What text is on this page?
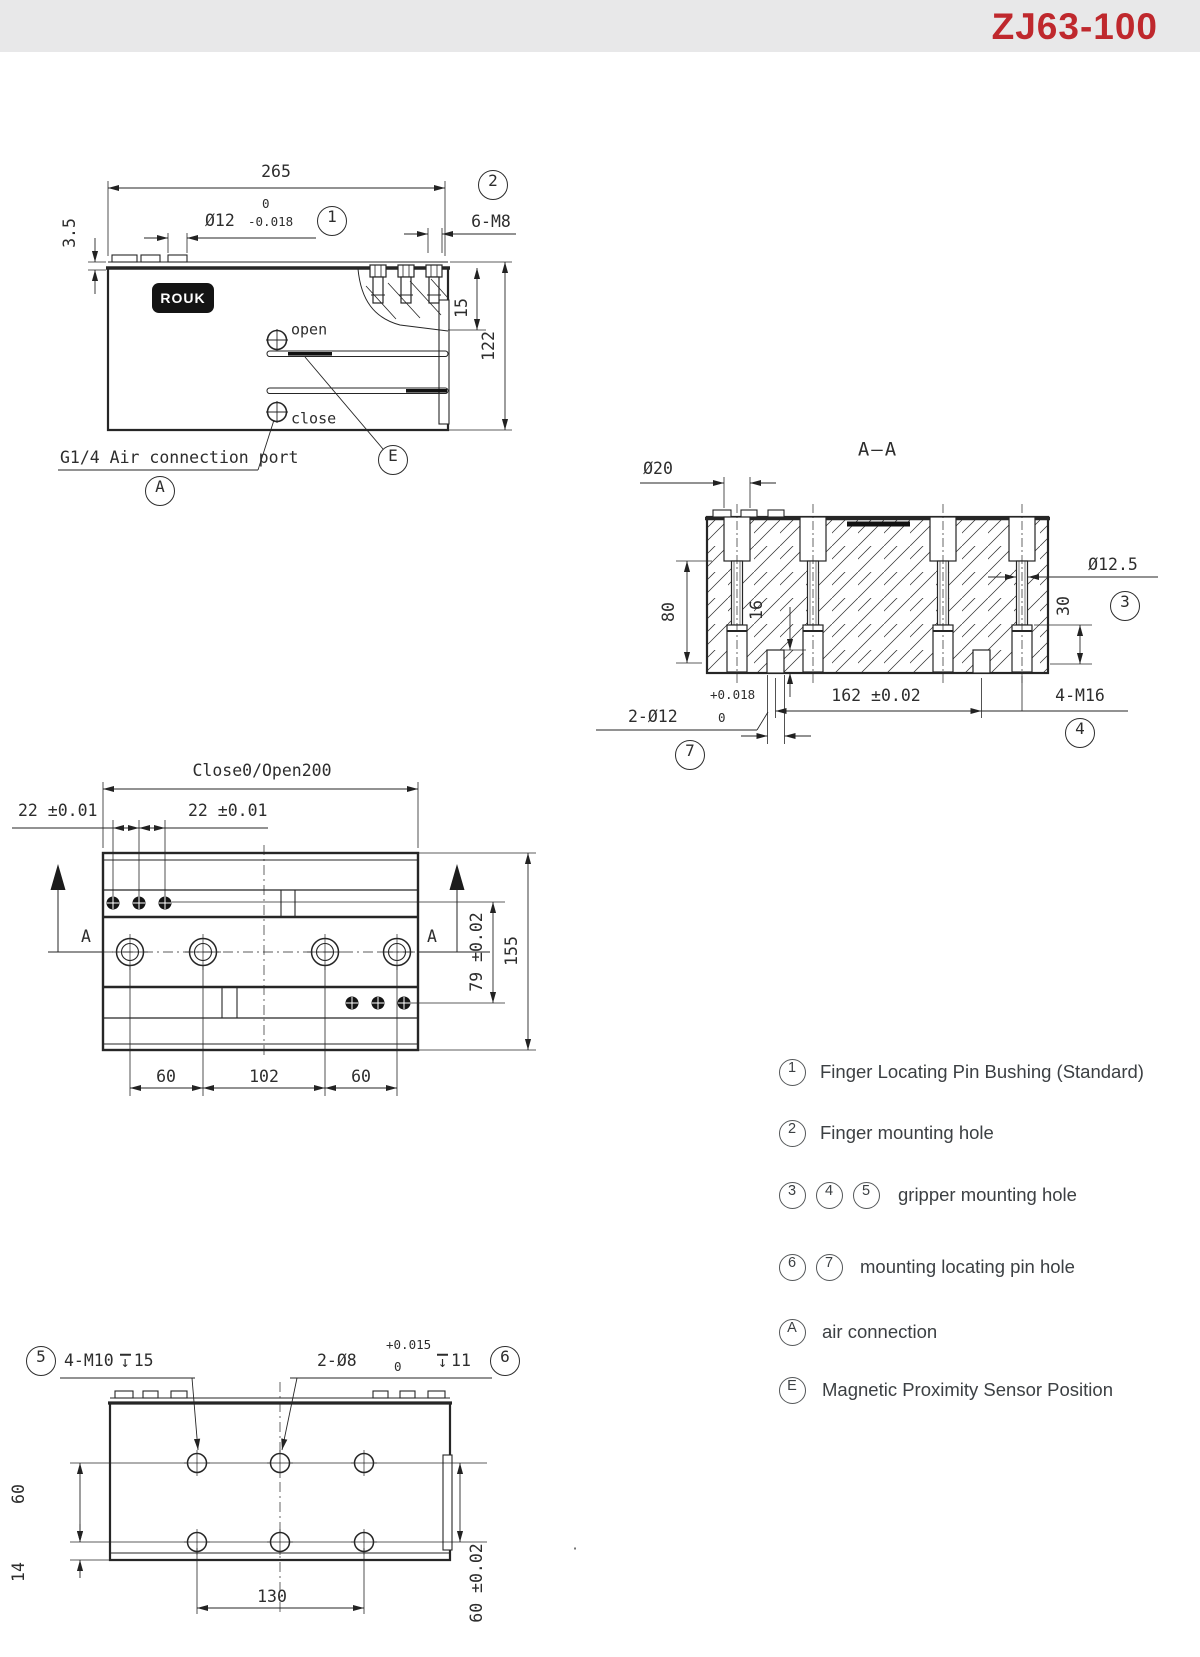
ZJ63-100
265
3.5	Ø12
0
-0.018	1
2
6-M8
15
122
open
close
G1/4 Air connection port
A
E
ROUK
A—A
Ø20
80	16
Ø12.5
3
30
162 ±0.02	4-M16
4
2-Ø12
+0.018
0
7
Close0/Open200
22 ±0.01	22 ±0.01
A	A 79 ±0.02 155
60	102	60
5	4-M10 ↓ 15	2-Ø8
+0.015
0	↓ 11	6
60
14
130	60 ±0.02	.
1	Finger Locating Pin Bushing (Standard)
2	Finger mounting hole
3	4	5	gripper mounting hole
6	7	mounting locating pin hole
A	air connection
E	Magnetic Proximity Sensor Position
